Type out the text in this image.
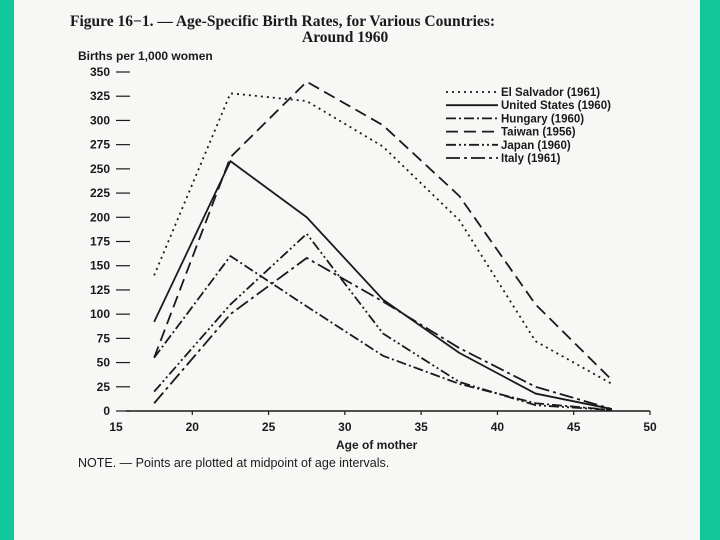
Figure 16−1. — Age-Specific Birth Rates, for Various Countries:
Around 1960
Births per 1,000 women
Age of mother
NOTE. — Points are plotted at midpoint of age intervals.
0
25
50
75
100
125
150
175
200
225
250
275
300
325
350
15	20	25	30	35	40	45	50
El Salvador (1961)
United States (1960)
Hungary (1960)
Taiwan (1956)
Japan (1960)
Italy (1961)
